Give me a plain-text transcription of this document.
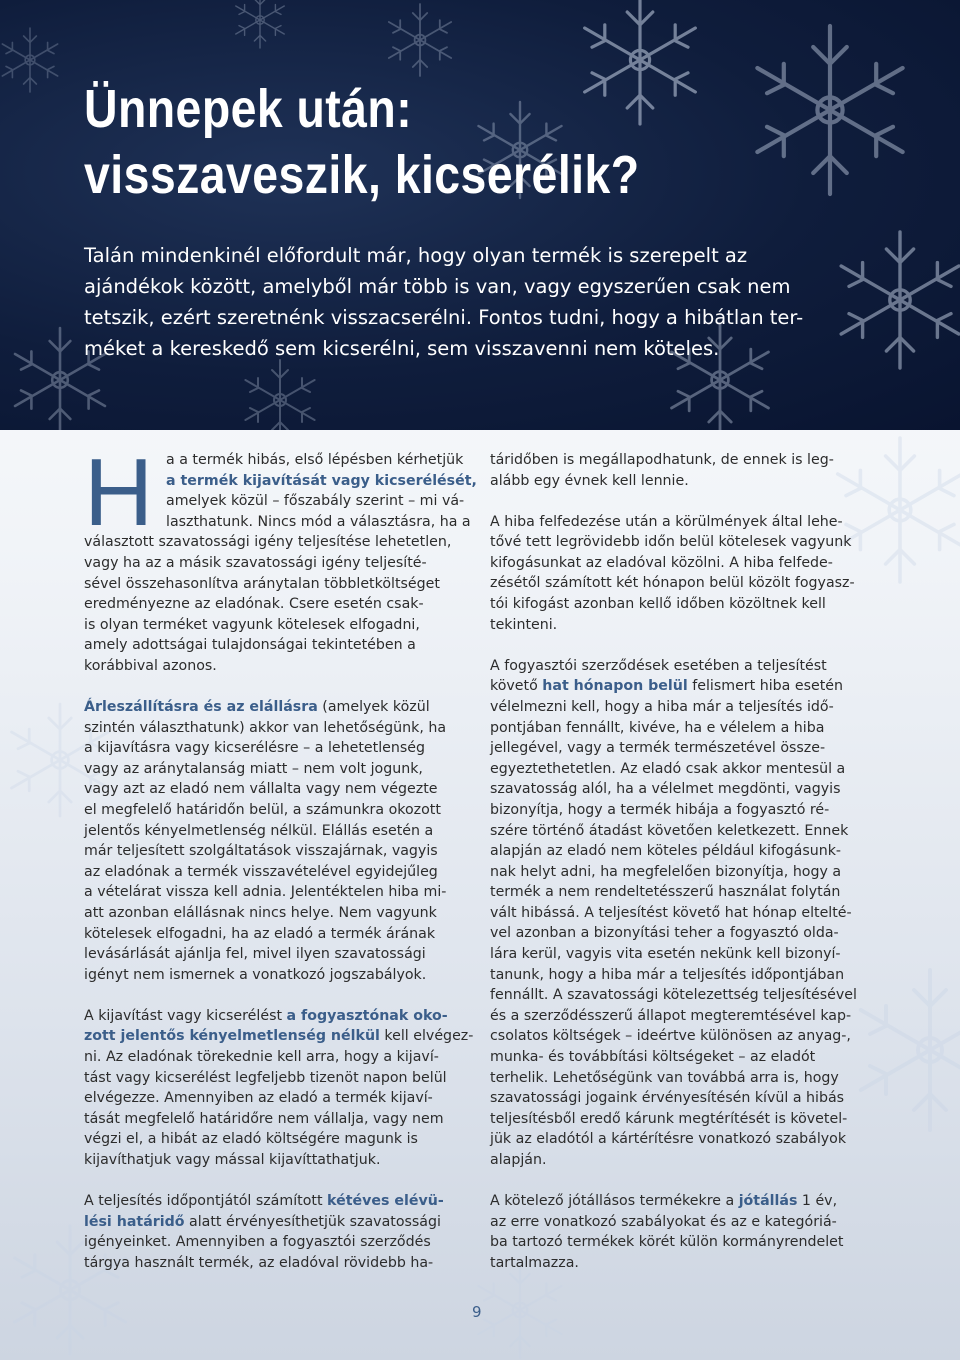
Ünnepek után:
visszaveszik, kicserélik?

Talán mindenkinél előfordult már, hogy olyan termék is szerepelt az

ajándékok között, amelyből már több is van, vagy egyszerűen csak nem

tetszik, ezért szeretnénk visszacserélni. Fontos tudni, hogy a hibátlan ter-

méket a kereskedő sem kicserélni, sem visszavenni nem köteles.

H a a termék hibás, első lépésben kérhetjük

a termék kijavítását vagy kicserélését,

amelyek közül – főszabály szerint – mi vá-

laszthatunk. Nincs mód a választásra, ha a

választott szavatossági igény teljesítése lehetetlen,

vagy ha az a másik szavatossági igény teljesíté-

sével összehasonlítva aránytalan többletköltséget

eredményezne az eladónak. Csere esetén csak-

is olyan terméket vagyunk kötelesek elfogadni,

amely adottságai tulajdonságai tekintetében a

korábbival azonos.

Árleszállításra és az elállásra (amelyek közül

szintén választhatunk) akkor van lehetőségünk, ha

a kijavításra vagy kicserélésre – a lehetetlenség

vagy az aránytalanság miatt – nem volt jogunk,

vagy azt az eladó nem vállalta vagy nem végezte

el megfelelő határidőn belül, a számunkra okozott

jelentős kényelmetlenség nélkül. Elállás esetén a

már teljesített szolgáltatások visszajárnak, vagyis

az eladónak a termék visszavételével egyidejűleg

a vételárat vissza kell adnia. Jelentéktelen hiba mi-

att azonban elállásnak nincs helye. Nem vagyunk

kötelesek elfogadni, ha az eladó a termék árának

levásárlását ajánlja fel, mivel ilyen szavatossági

igényt nem ismernek a vonatkozó jogszabályok.

A kijavítást vagy kicserélést a fogyasztónak oko-

zott jelentős kényelmetlenség nélkül kell elvégez-

ni. Az eladónak törekednie kell arra, hogy a kijaví-

tást vagy kicserélést legfeljebb tizenöt napon belül

elvégezze. Amennyiben az eladó a termék kijaví-

tását megfelelő határidőre nem vállalja, vagy nem

végzi el, a hibát az eladó költségére magunk is

kijavíthatjuk vagy mással kijavíttathatjuk.

A teljesítés időpontjától számított kétéves elévü-

lési határidő alatt érvényesíthetjük szavatossági

igényeinket. Amennyiben a fogyasztói szerződés

tárgya használt termék, az eladóval rövidebb ha-

táridőben is megállapodhatunk, de ennek is leg-

alább egy évnek kell lennie.

A hiba felfedezése után a körülmények által lehe-

tővé tett legrövidebb időn belül kötelesek vagyunk

kifogásunkat az eladóval közölni. A hiba felfede-

zésétől számított két hónapon belül közölt fogyasz-

tói kifogást azonban kellő időben közöltnek kell

tekinteni.

A fogyasztói szerződések esetében a teljesítést

követő hat hónapon belül felismert hiba esetén

vélelmezni kell, hogy a hiba már a teljesítés idő-

pontjában fennállt, kivéve, ha e vélelem a hiba

jellegével, vagy a termék természetével össze-

egyeztethetetlen. Az eladó csak akkor mentesül a

szavatosság alól, ha a vélelmet megdönti, vagyis

bizonyítja, hogy a termék hibája a fogyasztó ré-

szére történő átadást követően keletkezett. Ennek

alapján az eladó nem köteles például kifogásunk-

nak helyt adni, ha megfelelően bizonyítja, hogy a

termék a nem rendeltetésszerű használat folytán

vált hibássá. A teljesítést követő hat hónap eltelté-

vel azonban a bizonyítási teher a fogyasztó olda-

lára kerül, vagyis vita esetén nekünk kell bizonyí-

tanunk, hogy a hiba már a teljesítés időpontjában

fennállt. A szavatossági kötelezettség teljesítésével

és a szerződésszerű állapot megteremtésével kap-

csolatos költségek – ideértve különösen az anyag-,

munka- és továbbítási költségeket – az eladót

terhelik. Lehetőségünk van továbbá arra is, hogy

szavatossági jogaink érvényesítésén kívül a hibás

teljesítésből eredő kárunk megtérítését is követel-

jük az eladótól a kártérítésre vonatkozó szabályok

alapján.

A kötelező jótállásos termékekre a jótállás 1 év,

az erre vonatkozó szabályokat és az e kategóriá-

ba tartozó termékek körét külön kormányrendelet

tartalmazza.

9
